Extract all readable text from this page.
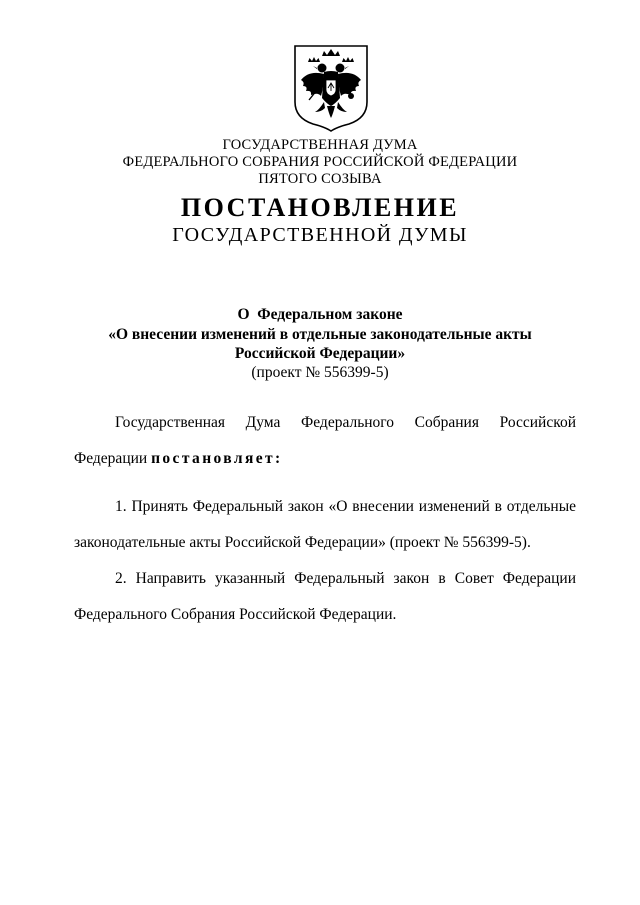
ГОСУДАРСТВЕННАЯ ДУМА
ФЕДЕРАЛЬНОГО СОБРАНИЯ РОССИЙСКОЙ ФЕДЕРАЦИИ
ПЯТОГО СОЗЫВА
ПОСТАНОВЛЕНИЕ
ГОСУДАРСТВЕННОЙ ДУМЫ
О  Федеральном законе
«О внесении изменений в отдельные законодательные акты
Российской Федерации»
(проект № 556399-5)
Государственная Дума Федерального Собрания Российской
Федерации постановляет:
1. Принять Федеральный закон «О внесении изменений в отдельные
законодательные акты Российской Федерации» (проект № 556399-5).
2. Направить указанный Федеральный закон в Совет Федерации
Федерального Собрания Российской Федерации.
